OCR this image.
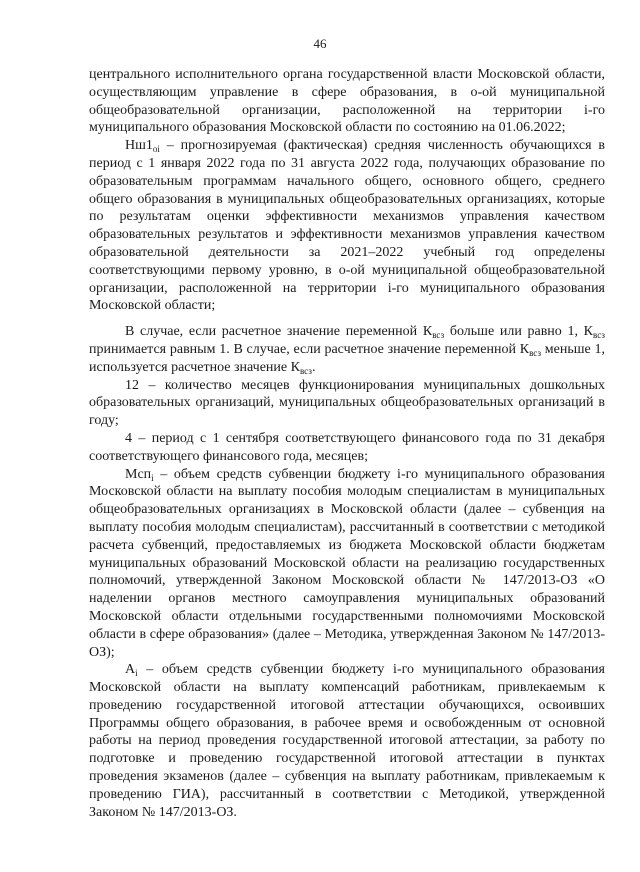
46

центрального исполнительного органа государственной власти Московской области, осуществляющим управление в сфере образования, в о-ой муниципальной общеобразовательной организации, расположенной на территории i-го муниципального образования Московской области по состоянию на 01.06.2022;

$Нш1_{oi}$ – прогнозируемая (фактическая) средняя численность обучающихся в период с 1 января 2022 года по 31 августа 2022 года, получающих образование по образовательным программам начального общего, основного общего, среднего общего образования в муниципальных общеобразовательных организациях, которые по результатам оценки эффективности механизмов управления качеством образовательных результатов и эффективности механизмов управления качеством образовательной деятельности за 2021–2022 учебный год определены соответствующими первому уровню, в о-ой муниципальной общеобразовательной организации, расположенной на территории i-го муниципального образования Московской области;

В случае, если расчетное значение переменной $К_{всз}$ больше или равно 1, $К_{всз}$ принимается равным 1. В случае, если расчетное значение переменной $К_{всз}$ меньше 1, используется расчетное значение $К_{всз}$.

12 – количество месяцев функционирования муниципальных дошкольных образовательных организаций, муниципальных общеобразовательных организаций в году;

4 – период с 1 сентября соответствующего финансового года по 31 декабря соответствующего финансового года, месяцев;

Мсп$_i$ – объем средств субвенции бюджету i-го муниципального образования Московской области на выплату пособия молодым специалистам в муниципальных общеобразовательных организациях в Московской области (далее – субвенция на выплату пособия молодым специалистам), рассчитанный в соответствии с методикой расчета субвенций, предоставляемых из бюджета Московской области бюджетам муниципальных образований Московской области на реализацию государственных полномочий, утвержденной Законом Московской области № 147/2013-ОЗ «О наделении органов местного самоуправления муниципальных образований Московской области отдельными государственными полномочиями Московской области в сфере образования» (далее – Методика, утвержденная Законом № 147/2013-ОЗ);

$А_i$ – объем средств субвенции бюджету i-го муниципального образования Московской области на выплату компенсаций работникам, привлекаемым к проведению государственной итоговой аттестации обучающихся, освоивших Программы общего образования, в рабочее время и освобожденным от основной работы на период проведения государственной итоговой аттестации, за работу по подготовке и проведению государственной итоговой аттестации в пунктах проведения экзаменов (далее – субвенция на выплату работникам, привлекаемым к проведению ГИА), рассчитанный в соответствии с Методикой, утвержденной Законом № 147/2013-ОЗ.
